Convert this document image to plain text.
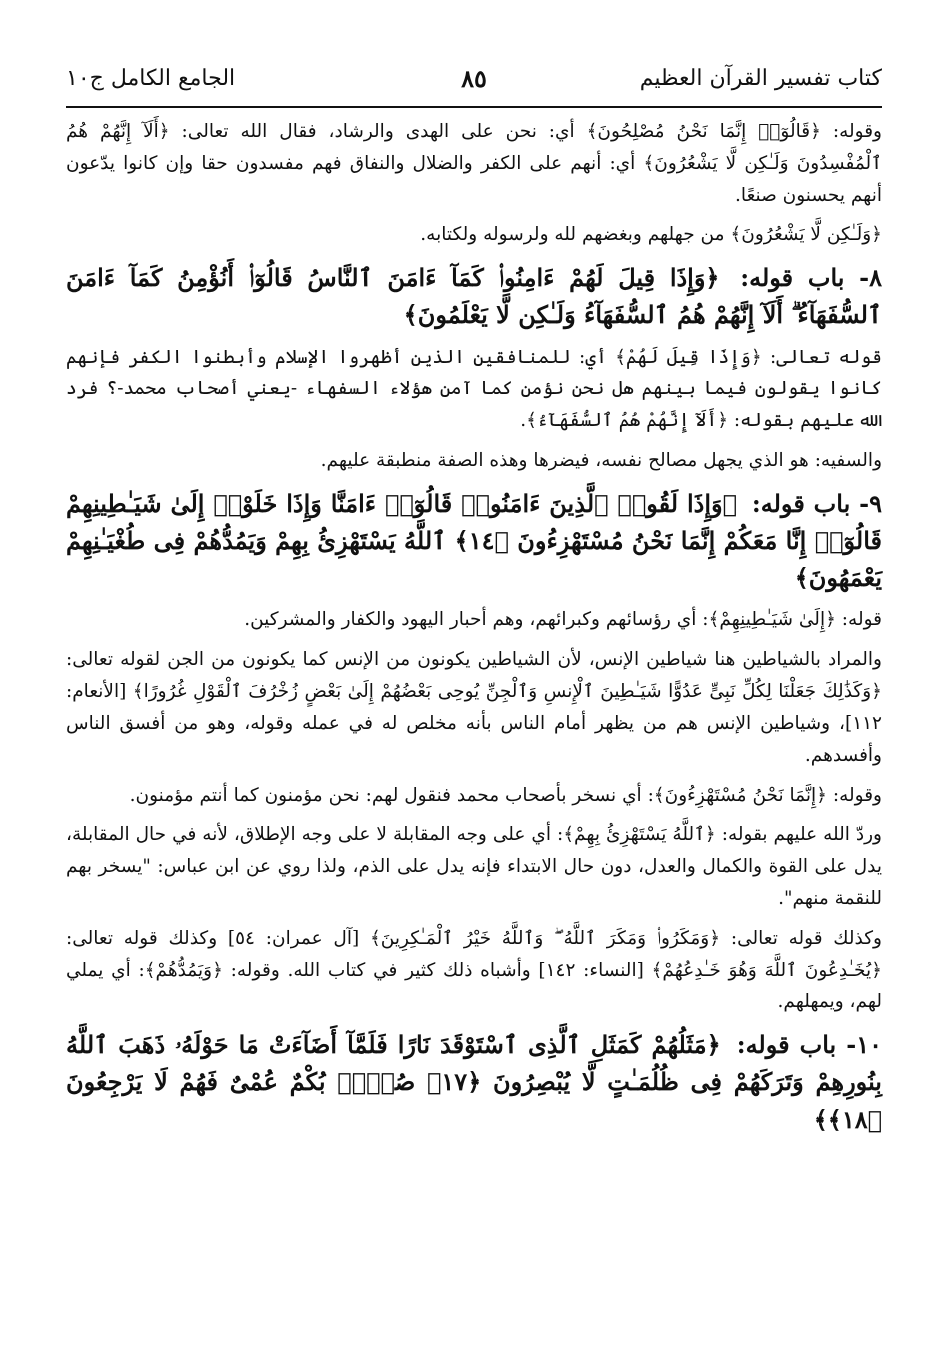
كتاب تفسير القرآن العظيم
٨٥
الجامع الكامل ج١٠

وقوله: ﴿قَالُوٓا۟ إِنَّمَا نَحْنُ مُصْلِحُونَ﴾ أي: نحن على الهدى والرشاد، فقال الله تعالى: ﴿أَلَآ إِنَّهُمْ هُمُ ٱلْمُفْسِدُونَ وَلَـٰكِن لَّا يَشْعُرُونَ﴾ أي: أنهم على الكفر والضلال والنفاق فهم مفسدون حقا وإن كانوا يدّعون أنهم يحسنون صنعًا.

﴿وَلَـٰكِن لَّا يَشْعُرُونَ﴾ من جهلهم وبغضهم لله ولرسوله ولكتابه.

٨- باب قوله: ﴿وَإِذَا قِيلَ لَهُمْ ءَامِنُوا۟ كَمَآ ءَامَنَ ٱلنَّاسُ قَالُوٓا۟ أَنُؤْمِنُ كَمَآ ءَامَنَ ٱلسُّفَهَآءُ ۗ أَلَآ إِنَّهُمْ هُمُ ٱلسُّفَهَآءُ وَلَـٰكِن لَّا يَعْلَمُونَ﴾

قوله تعالى: ﴿وَإِذَا قِيلَ لَهُمْ﴾ أي: للمنافقين الذين أظهروا الإسلام وأبطنوا الكفر فإنهم كانوا يقولون فيما بينهم هل نحن نؤمن كما آمن هؤلاء السفهاء -يعني أصحاب محمد-؟ فرد الله عليهم بقوله: ﴿أَلَآ إِنَّهُمْ هُمُ ٱلسُّفَهَآءُ﴾.

والسفيه: هو الذي يجهل مصالح نفسه، فيضرها وهذه الصفة منطبقة عليهم.

٩- باب قوله: ﴿وَإِذَا لَقُوا۟ ٱلَّذِينَ ءَامَنُوا۟ قَالُوٓا۟ ءَامَنَّا وَإِذَا خَلَوْا۟ إِلَىٰ شَيَـٰطِينِهِمْ قَالُوٓا۟ إِنَّا مَعَكُمْ إِنَّمَا نَحْنُ مُسْتَهْزِءُونَ ﴿١٤﴾ ٱللَّهُ يَسْتَهْزِئُ بِهِمْ وَيَمُدُّهُمْ فِى طُغْيَـٰنِهِمْ يَعْمَهُونَ﴾

قوله: ﴿إِلَىٰ شَيَـٰطِينِهِمْ﴾: أي رؤسائهم وكبرائهم، وهم أحبار اليهود والكفار والمشركين.

والمراد بالشياطين هنا شياطين الإنس، لأن الشياطين يكونون من الإنس كما يكونون من الجن لقوله تعالى: ﴿وَكَذَٰلِكَ جَعَلْنَا لِكُلِّ نَبِىٍّ عَدُوًّا شَيَـٰطِينَ ٱلْإِنسِ وَٱلْجِنِّ يُوحِى بَعْضُهُمْ إِلَىٰ بَعْضٍ زُخْرُفَ ٱلْقَوْلِ غُرُورًا﴾ [الأنعام: ١١٢]، وشياطين الإنس هم من يظهر أمام الناس بأنه مخلص له في عمله وقوله، وهو من أفسق الناس وأفسدهم.

وقوله: ﴿إِنَّمَا نَحْنُ مُسْتَهْزِءُونَ﴾: أي نسخر بأصحاب محمد فنقول لهم: نحن مؤمنون كما أنتم مؤمنون.

وردّ الله عليهم بقوله: ﴿ٱللَّهُ يَسْتَهْزِئُ بِهِمْ﴾: أي على وجه المقابلة لا على وجه الإطلاق، لأنه في حال المقابلة، يدل على القوة والكمال والعدل، دون حال الابتداء فإنه يدل على الذم، ولذا روي عن ابن عباس: "يسخر بهم للنقمة منهم".

وكذلك قوله تعالى: ﴿وَمَكَرُوا۟ وَمَكَرَ ٱللَّهُ ۖ وَٱللَّهُ خَيْرُ ٱلْمَـٰكِرِينَ﴾ [آل عمران: ٥٤] وكذلك قوله تعالى: ﴿يُخَـٰدِعُونَ ٱللَّهَ وَهُوَ خَـٰدِعُهُمْ﴾ [النساء: ١٤٢] وأشباه ذلك كثير في كتاب الله. وقوله: ﴿وَيَمُدُّهُمْ﴾: أي يملي لهم، ويمهلهم.

١٠- باب قوله: ﴿مَثَلُهُمْ كَمَثَلِ ٱلَّذِى ٱسْتَوْقَدَ نَارًا فَلَمَّآ أَضَآءَتْ مَا حَوْلَهُۥ ذَهَبَ ٱللَّهُ بِنُورِهِمْ وَتَرَكَهُمْ فِى ظُلُمَـٰتٍ لَّا يُبْصِرُونَ ﴿١٧﴾ صُمٌّۢ بُكْمٌ عُمْىٌ فَهُمْ لَا يَرْجِعُونَ ﴿١٨﴾﴾
